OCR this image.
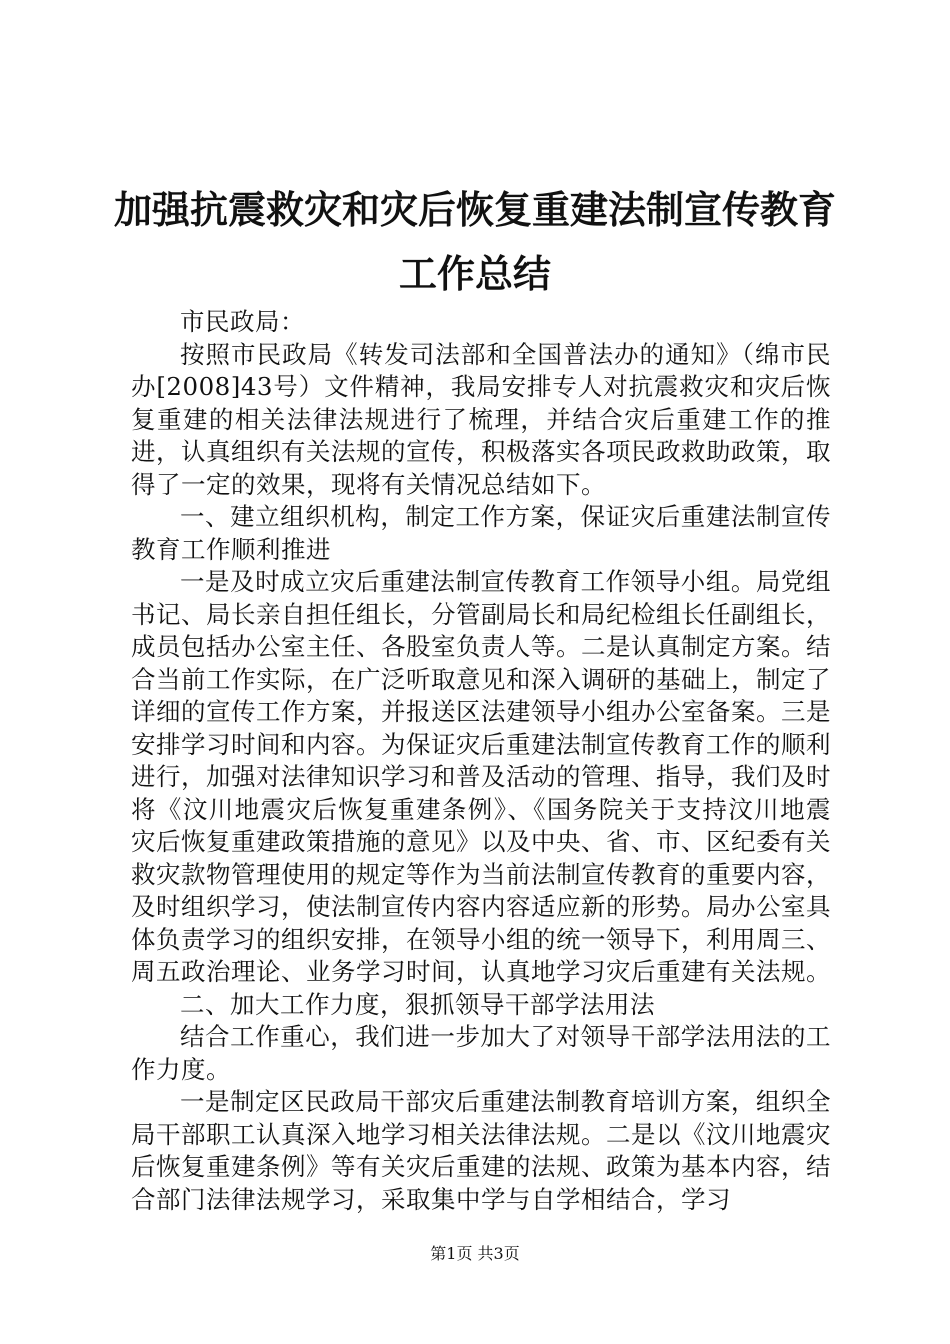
加强抗震救灾和灾后恢复重建法制宣传教育工作总结

市民政局：

按照市民政局《转发司法部和全国普法办的通知》（绵市民办[2008]43号）文件精神，我局安排专人对抗震救灾和灾后恢复重建的相关法律法规进行了梳理，并结合灾后重建工作的推进，认真组织有关法规的宣传，积极落实各项民政救助政策，取得了一定的效果，现将有关情况总结如下。

一、建立组织机构，制定工作方案，保证灾后重建法制宣传教育工作顺利推进

一是及时成立灾后重建法制宣传教育工作领导小组。局党组书记、局长亲自担任组长，分管副局长和局纪检组长任副组长，成员包括办公室主任、各股室负责人等。二是认真制定方案。结合当前工作实际，在广泛听取意见和深入调研的基础上，制定了详细的宣传工作方案，并报送区法建领导小组办公室备案。三是安排学习时间和内容。为保证灾后重建法制宣传教育工作的顺利进行，加强对法律知识学习和普及活动的管理、指导，我们及时将《汶川地震灾后恢复重建条例》、《国务院关于支持汶川地震灾后恢复重建政策措施的意见》以及中央、省、市、区纪委有关救灾款物管理使用的规定等作为当前法制宣传教育的重要内容，及时组织学习，使法制宣传内容内容适应新的形势。局办公室具体负责学习的组织安排，在领导小组的统一领导下，利用周三、周五政治理论、业务学习时间，认真地学习灾后重建有关法规。

二、加大工作力度，狠抓领导干部学法用法

结合工作重心，我们进一步加大了对领导干部学法用法的工作力度。

一是制定区民政局干部灾后重建法制教育培训方案，组织全局干部职工认真深入地学习相关法律法规。二是以《汶川地震灾后恢复重建条例》等有关灾后重建的法规、政策为基本内容，结合部门法律法规学习，采取集中学与自学相结合，学习

第1页 共3页
